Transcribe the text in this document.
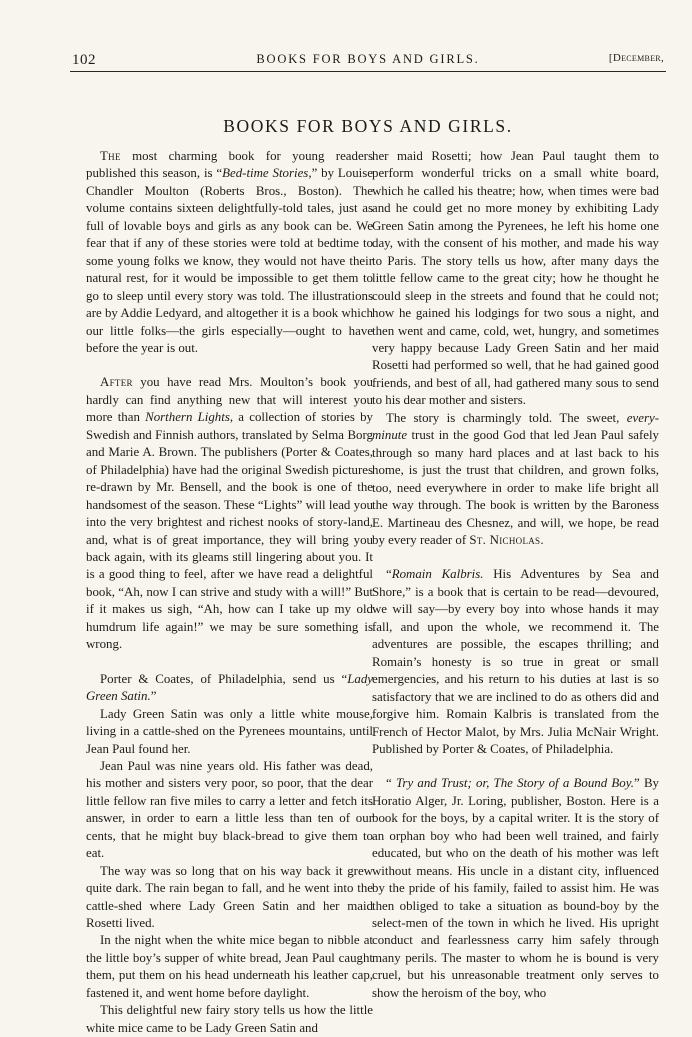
102	BOOKS FOR BOYS AND GIRLS.	[December,
BOOKS FOR BOYS AND GIRLS.

The most charming book for young readers published this season, is “Bed-time Stories,” by Louise Chandler Moulton (Roberts Bros., Boston). The volume contains sixteen delightfully-told tales, just as full of lovable boys and girls as any book can be. We fear that if any of these stories were told at bedtime to some young folks we know, they would not have their natural rest, for it would be impossible to get them to go to sleep until every story was told. The illustrations are by Addie Ledyard, and altogether it is a book which our little folks—the girls especially—ought to have before the year is out.

After you have read Mrs. Moulton’s book you hardly can find anything new that will interest you more than Northern Lights, a collection of stories by Swedish and Finnish authors, translated by Selma Borg and Marie A. Brown. The publishers (Porter & Coates, of Philadelphia) have had the original Swedish pictures re-drawn by Mr. Bensell, and the book is one of the handsomest of the season. These “Lights” will lead you into the very brightest and richest nooks of story-land, and, what is of great importance, they will bring you back again, with its gleams still lingering about you. It is a good thing to feel, after we have read a delightful book, “Ah, now I can strive and study with a will!” But if it makes us sigh, “Ah, how can I take up my old humdrum life again!” we may be sure something is wrong.

Porter & Coates, of Philadelphia, send us “Lady Green Satin.”

Lady Green Satin was only a little white mouse, living in a cattle-shed on the Pyrenees mountains, until Jean Paul found her.

Jean Paul was nine years old. His father was dead, his mother and sisters very poor, so poor, that the dear little fellow ran five miles to carry a letter and fetch its answer, in order to earn a little less than ten of our cents, that he might buy black-bread to give them to eat.

The way was so long that on his way back it grew quite dark. The rain began to fall, and he went into the cattle-shed where Lady Green Satin and her maid Rosetti lived.

In the night when the white mice began to nibble at the little boy’s supper of white bread, Jean Paul caught them, put them on his head underneath his leather cap, fastened it, and went home before daylight.

This delightful new fairy story tells us how the little white mice came to be Lady Green Satin and

her maid Rosetti; how Jean Paul taught them to perform wonderful tricks on a small white board, which he called his theatre; how, when times were bad and he could get no more money by exhibiting Lady Green Satin among the Pyrenees, he left his home one day, with the consent of his mother, and made his way to Paris. The story tells us how, after many days the little fellow came to the great city; how he thought he could sleep in the streets and found that he could not; how he gained his lodgings for two sous a night, and then went and came, cold, wet, hungry, and sometimes very happy because Lady Green Satin and her maid Rosetti had performed so well, that he had gained good friends, and best of all, had gathered many sous to send to his dear mother and sisters.

The story is charmingly told. The sweet, every-minute trust in the good God that led Jean Paul safely through so many hard places and at last back to his home, is just the trust that children, and grown folks, too, need everywhere in order to make life bright all the way through. The book is written by the Baroness E. Martineau des Chesnez, and will, we hope, be read by every reader of St. Nicholas.

“Romain Kalbris. His Adventures by Sea and Shore,” is a book that is certain to be read—devoured, we will say—by every boy into whose hands it may fall, and upon the whole, we recommend it. The adventures are possible, the escapes thrilling; and Romain’s honesty is so true in great or small emergencies, and his return to his duties at last is so satisfactory that we are inclined to do as others did and forgive him. Romain Kalbris is translated from the French of Hector Malot, by Mrs. Julia McNair Wright. Published by Porter & Coates, of Philadelphia.

“ Try and Trust; or, The Story of a Bound Boy.” By Horatio Alger, Jr. Loring, publisher, Boston. Here is a book for the boys, by a capital writer. It is the story of an orphan boy who had been well trained, and fairly educated, but who on the death of his mother was left without means. His uncle in a distant city, influenced by the pride of his family, failed to assist him. He was then obliged to take a situation as bound-boy by the select-men of the town in which he lived. His upright conduct and fearlessness carry him safely through many perils. The master to whom he is bound is very cruel, but his unreasonable treatment only serves to show the heroism of the boy, who
